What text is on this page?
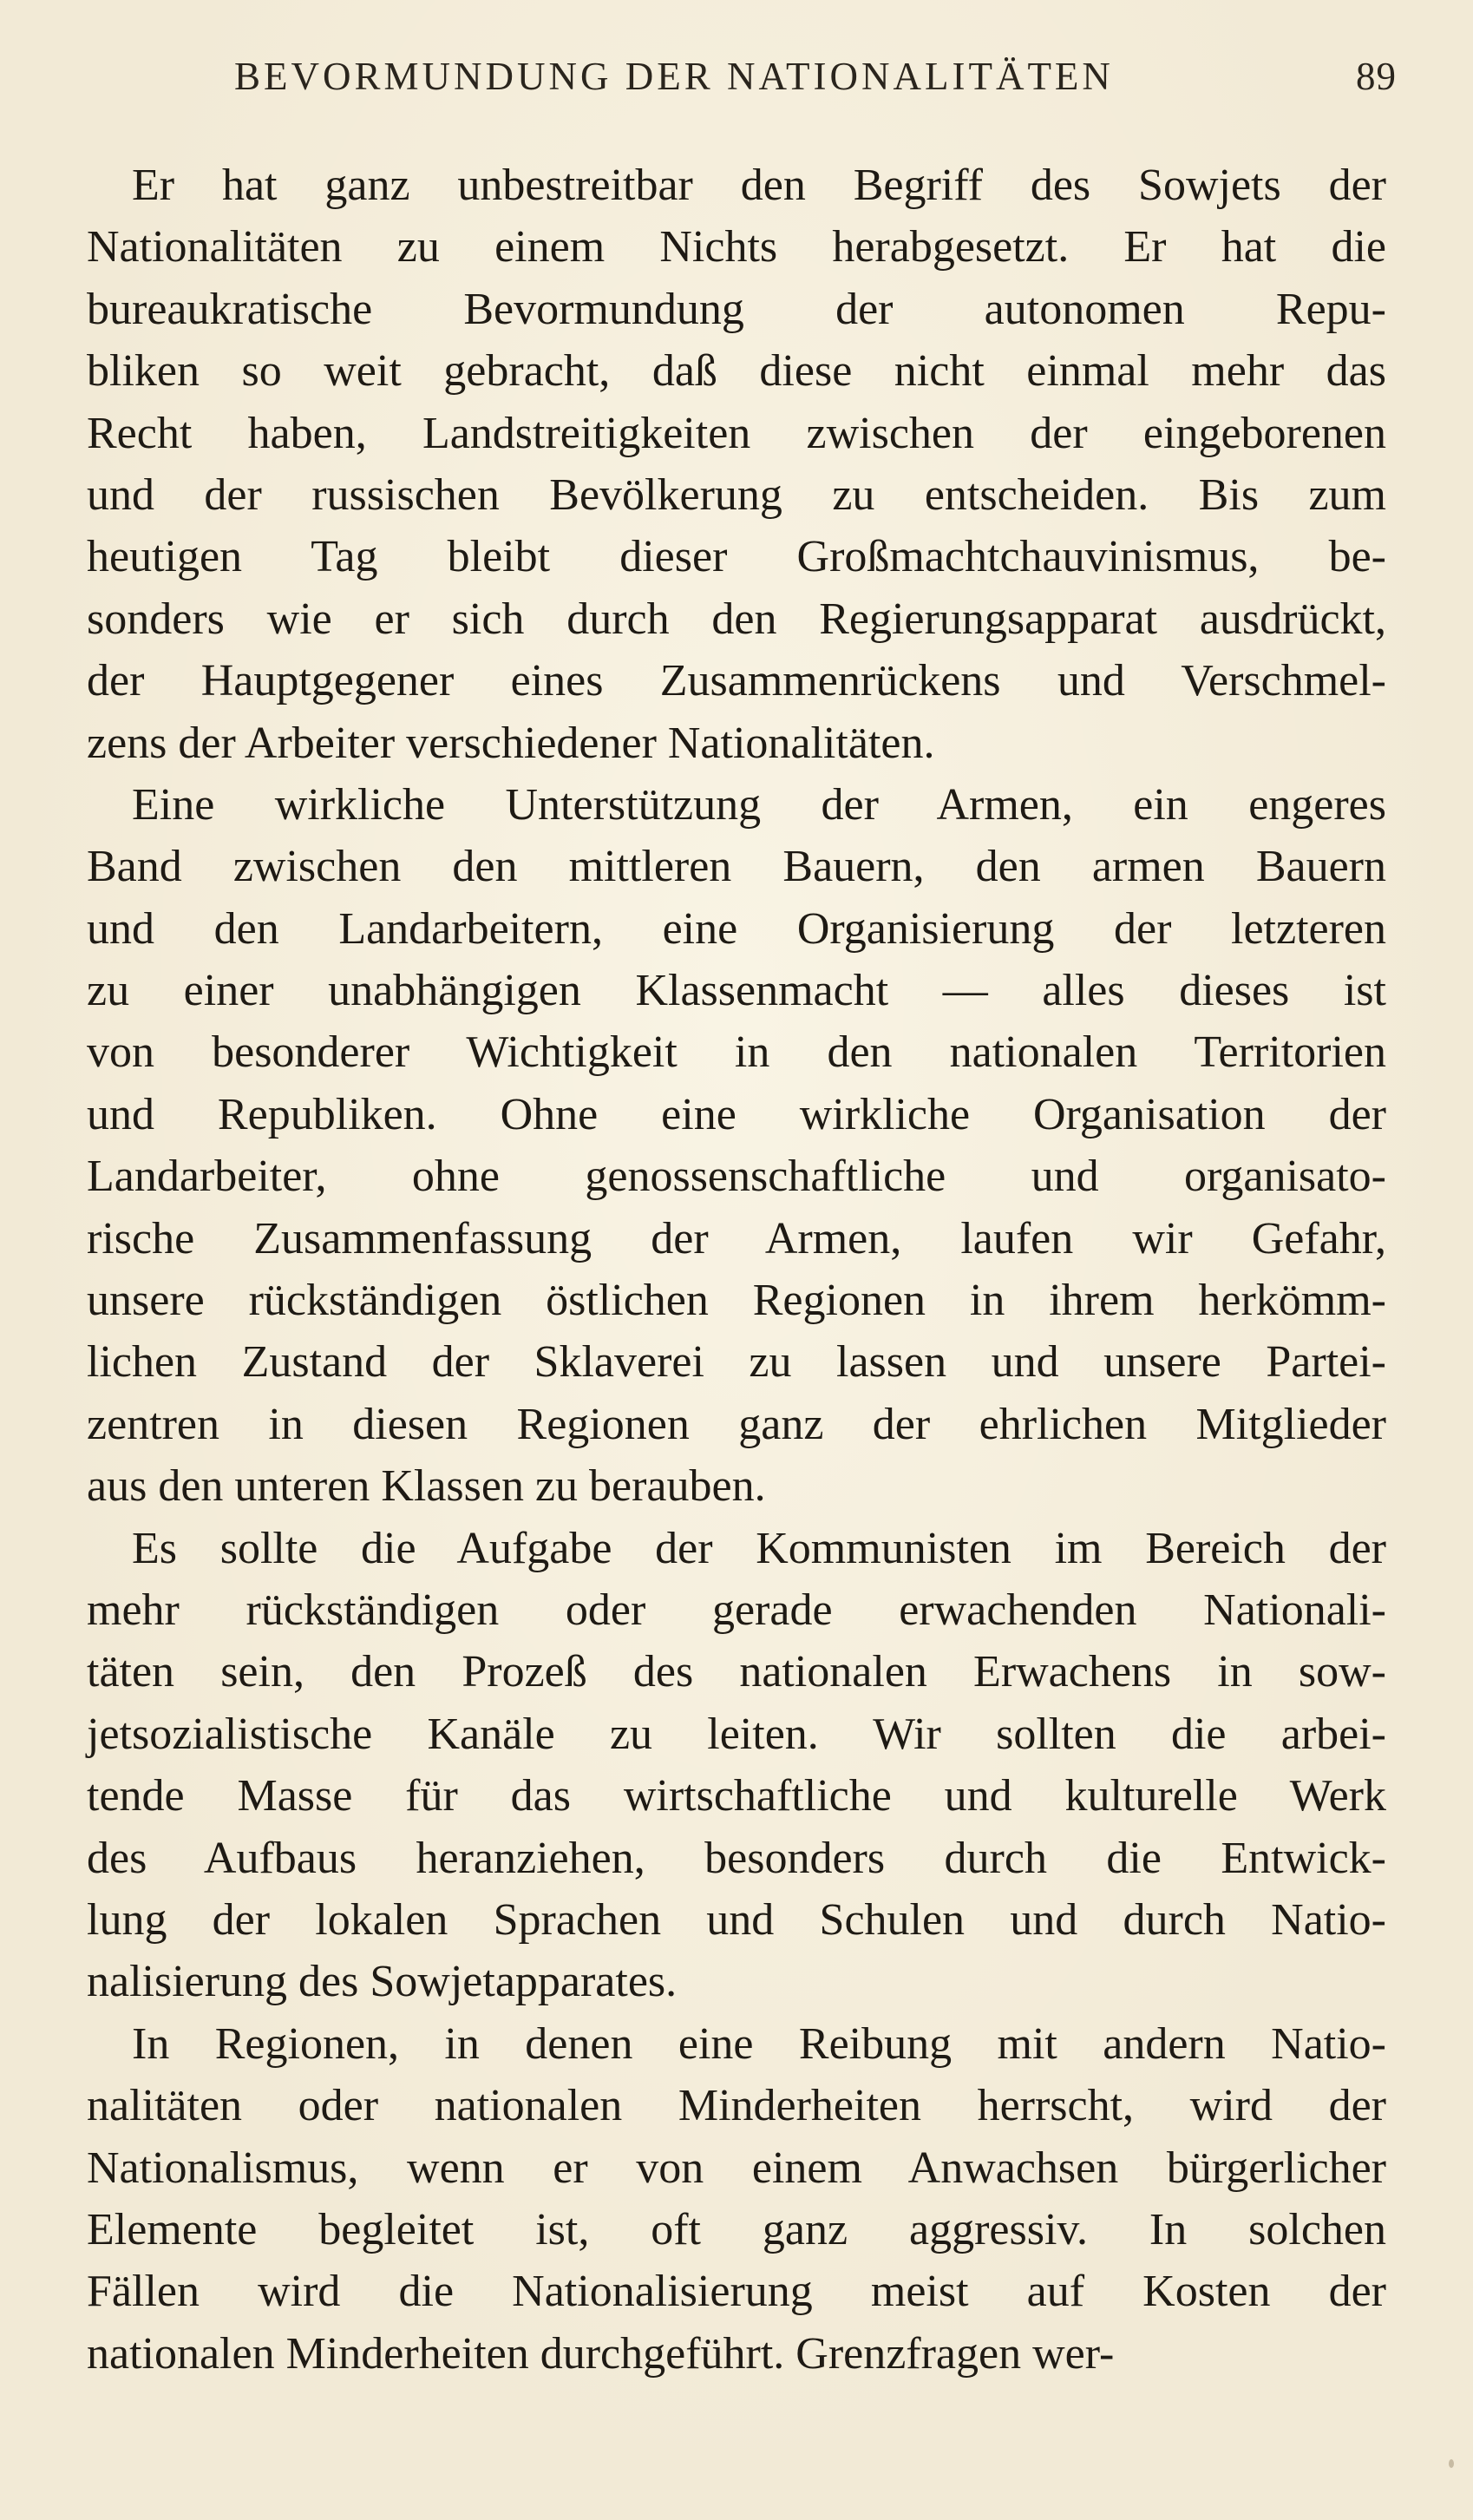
BEVORMUNDUNG DER NATIONALITÄTEN	89
Er hat ganz unbestreitbar den Begriff des Sowjets der
Nationalitäten zu einem Nichts herabgesetzt. Er hat die
bureaukratische Bevormundung der autonomen Repu-
bliken so weit gebracht, daß diese nicht einmal mehr das
Recht haben, Landstreitigkeiten zwischen der eingeborenen
und der russischen Bevölkerung zu entscheiden. Bis zum
heutigen Tag bleibt dieser Großmachtchauvinismus, be-
sonders wie er sich durch den Regierungsapparat ausdrückt,
der Hauptgegener eines Zusammenrückens und Verschmel-
zens der Arbeiter verschiedener Nationalitäten.
Eine wirkliche Unterstützung der Armen, ein engeres
Band zwischen den mittleren Bauern, den armen Bauern
und den Landarbeitern, eine Organisierung der letzteren
zu einer unabhängigen Klassenmacht — alles dieses ist
von besonderer Wichtigkeit in den nationalen Territorien
und Republiken. Ohne eine wirkliche Organisation der
Landarbeiter, ohne genossenschaftliche und organisato-
rische Zusammenfassung der Armen, laufen wir Gefahr,
unsere rückständigen östlichen Regionen in ihrem herkömm-
lichen Zustand der Sklaverei zu lassen und unsere Partei-
zentren in diesen Regionen ganz der ehrlichen Mitglieder
aus den unteren Klassen zu berauben.
Es sollte die Aufgabe der Kommunisten im Bereich der
mehr rückständigen oder gerade erwachenden Nationali-
täten sein, den Prozeß des nationalen Erwachens in sow-
jetsozialistische Kanäle zu leiten. Wir sollten die arbei-
tende Masse für das wirtschaftliche und kulturelle Werk
des Aufbaus heranziehen, besonders durch die Entwick-
lung der lokalen Sprachen und Schulen und durch Natio-
nalisierung des Sowjetapparates.
In Regionen, in denen eine Reibung mit andern Natio-
nalitäten oder nationalen Minderheiten herrscht, wird der
Nationalismus, wenn er von einem Anwachsen bürgerlicher
Elemente begleitet ist, oft ganz aggressiv. In solchen
Fällen wird die Nationalisierung meist auf Kosten der
nationalen Minderheiten durchgeführt. Grenzfragen wer-
